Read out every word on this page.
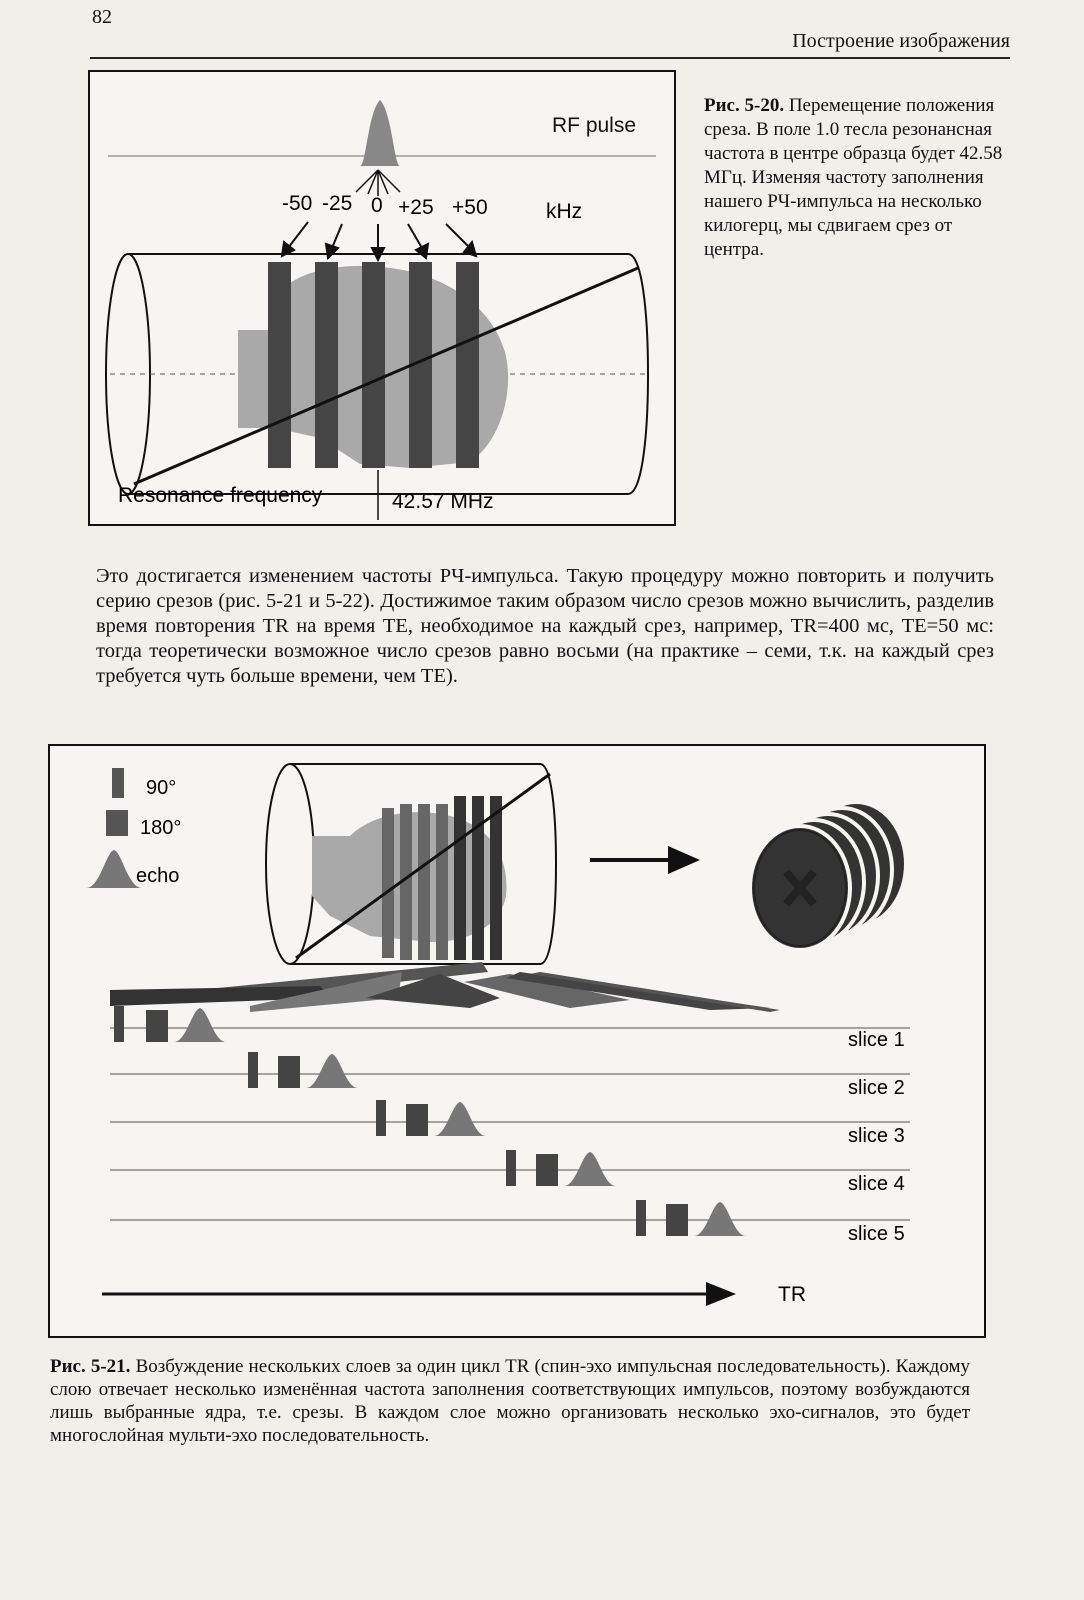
82
Построение изображения
RF pulse
-50 -25 0 +25 +50	kHz
Resonance frequency	42.57 MHz
Рис. 5-20. Перемещение положения среза. В поле 1.0 тесла резонансная частота в центре образца будет 42.58 МГц. Изменяя частоту заполнения нашего РЧ-импульса на несколько килогерц, мы сдвигаем срез от центра.
Это достигается изменением частоты РЧ-импульса. Такую процедуру можно повторить и получить серию срезов (рис. 5-21 и 5-22). Достижимое таким образом число срезов можно вычислить, разделив время повторения TR на время TE, необходимое на каждый срез, например, TR=400 мс, TE=50 мс: тогда теоретически возможное число срезов равно восьми (на практике – семи, т.к. на каждый срез требуется чуть больше времени, чем TE).
90°
180°
echo
slice 1
slice 2
slice 3
slice 4
slice 5
TR
Рис. 5-21. Возбуждение нескольких слоев за один цикл TR (спин-эхо импульсная последовательность). Каждому слою отвечает несколько изменённая частота заполнения соответствующих импульсов, поэтому возбуждаются лишь выбранные ядра, т.е. срезы. В каждом слое можно организовать несколько эхо-сигналов, это будет многослойная мульти-эхо последовательность.
